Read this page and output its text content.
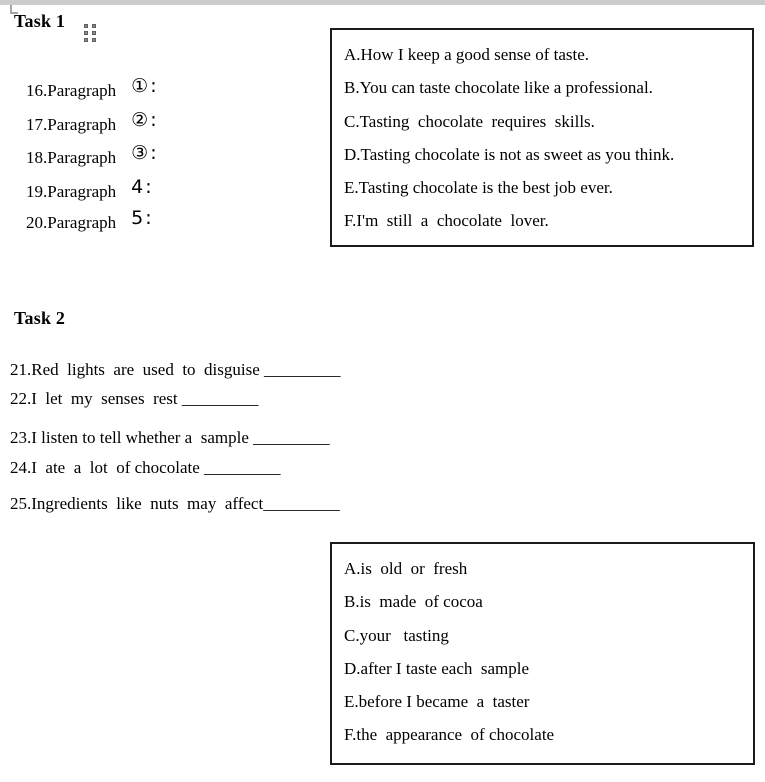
Task 1

16.Paragraph ①:

17.Paragraph ②:

18.Paragraph ③:

19.Paragraph 4:

20.Paragraph 5:

A.How I keep a good sense of taste.
B.You can taste chocolate like a professional.
C.Tasting  chocolate  requires  skills.
D.Tasting chocolate is not as sweet as you think.
E.Tasting chocolate is the best job ever.
F.I'm  still  a  chocolate  lover.
Task 2
21.Red  lights  are  used  to  disguise _________
22.I  let  my  senses  rest _________
23.I listen to tell whether a  sample _________
24.I  ate  a  lot  of chocolate _________
25.Ingredients  like  nuts  may  affect_________
A.is  old  or  fresh
B.is  made  of cocoa
C.your   tasting
D.after I taste each  sample
E.before I became  a  taster
F.the  appearance  of chocolate
